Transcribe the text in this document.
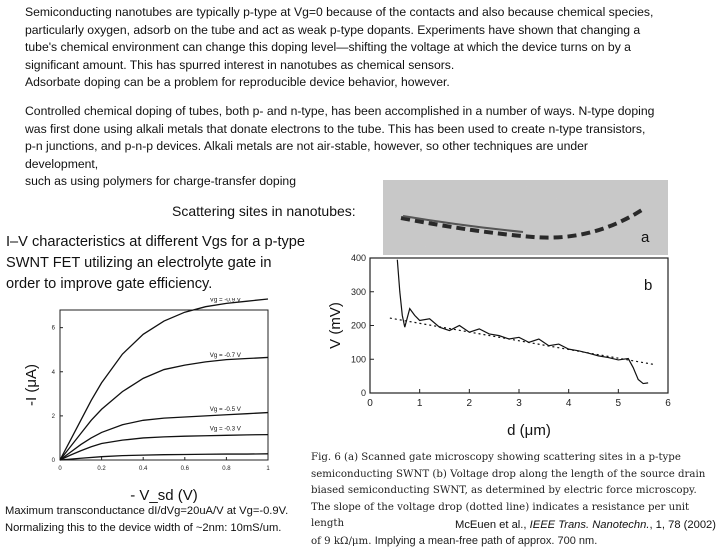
Semiconducting nanotubes are typically p-type at Vg=0 because of the contacts and also because chemical species,
particularly oxygen, adsorb on the tube and act as weak p-type dopants. Experiments have shown that changing a
tube's chemical environment can change this doping level—shifting the voltage at which the device turns on by a
significant amount. This has spurred interest in nanotubes as chemical sensors.
Adsorbate doping can be a problem for reproducible device behavior, however.
Controlled chemical doping of tubes, both p- and n-type, has been accomplished in a number of ways. N-type doping
was first done using alkali metals that donate electrons to the tube. This has been used to create n-type transistors,
p-n junctions, and p-n-p devices. Alkali metals are not air-stable, however, so other techniques are under
development,
such as using polymers for charge-transfer doping
Scattering sites in nanotubes:
I–V characteristics at different Vgs for a p-type SWNT FET utilizing an electrolyte gate in order to improve gate efficiency.
0	0.2	0.4	0.6	0.8	1
0
2
4
6
Vg = -0.9 V
Vg = -0.7 V
Vg = -0.5 V
Vg = -0.3 V
- V_sd (V)
-I (μA)
a
0	1	2	3	4	5	6
0
100
200
300
400
b
d (μm)
V (mV)
Maximum transconductance dI/dVg=20uA/V at Vg=-0.9V.
Normalizing this to the device width of ~2nm: 10mS/um.
Fig. 6 (a) Scanned gate microscopy showing scattering sites in a p-type
semiconducting SWNT (b) Voltage drop along the length of the source drain
biased semiconducting SWNT, as determined by electric force microscopy.
The slope of the voltage drop (dotted line) indicates a resistance per unit length
of 9 kΩ/μm. Implying a mean-free path of approx. 700 nm.
McEuen et al., IEEE Trans. Nanotechn., 1, 78 (2002)
